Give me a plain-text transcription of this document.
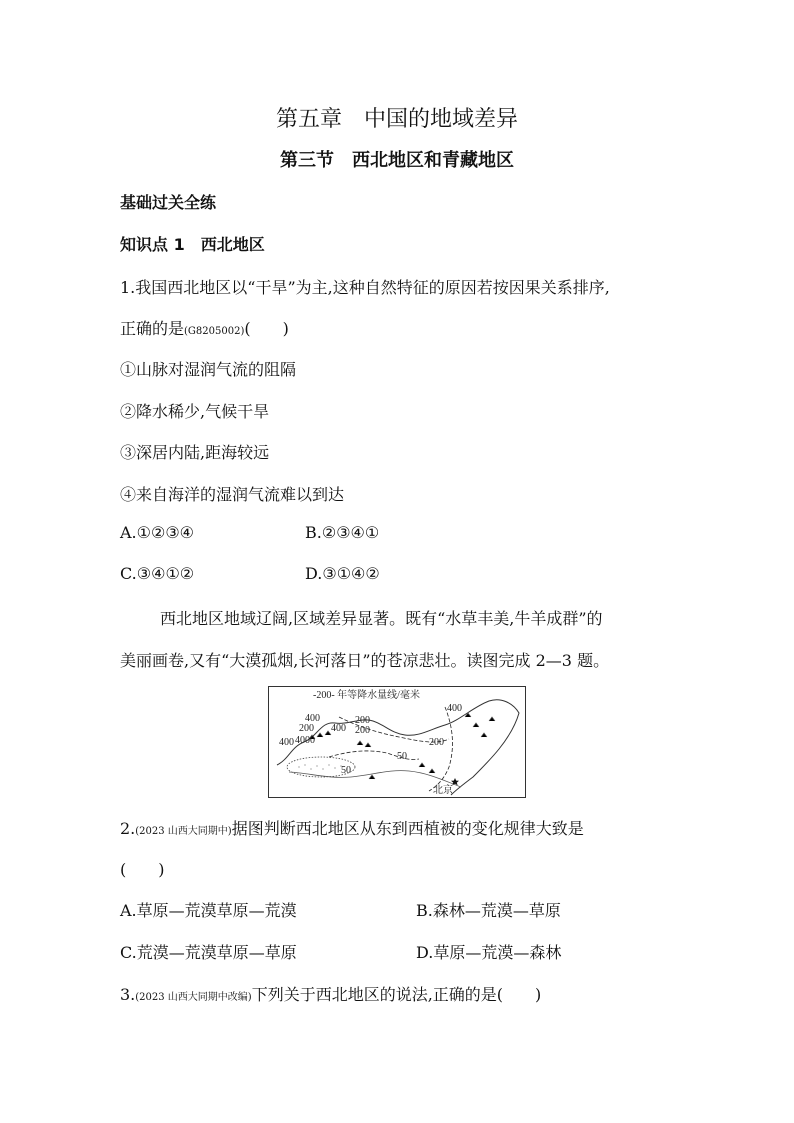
第五章　中国的地域差异
第三节　西北地区和青藏地区
基础过关全练
知识点 1　西北地区
1.我国西北地区以“干旱”为主,这种自然特征的原因若按因果关系排序,
正确的是(G8205002)(　　)
①山脉对湿润气流的阻隔
②降水稀少,气候干旱
③深居内陆,距海较远
④来自海洋的湿润气流难以到达
A.①②③④	B.②③④①
C.③④①②	D.③①④②
西北地区地域辽阔,区域差异显著。既有“水草丰美,牛羊成群”的
美丽画卷,又有“大漠孤烟,长河落日”的苍凉悲壮。读图完成 2—3 题。
-200- 年等降水量线/毫米
400
200
200
400
4000
200
400
50
50
200
400
北京
2.(2023 山西大同期中)据图判断西北地区从东到西植被的变化规律大致是
(　　)
A.草原—荒漠草原—荒漠	B.森林—荒漠—草原
C.荒漠—荒漠草原—草原	D.草原—荒漠—森林
3.(2023 山西大同期中改编)下列关于西北地区的说法,正确的是(　　)
